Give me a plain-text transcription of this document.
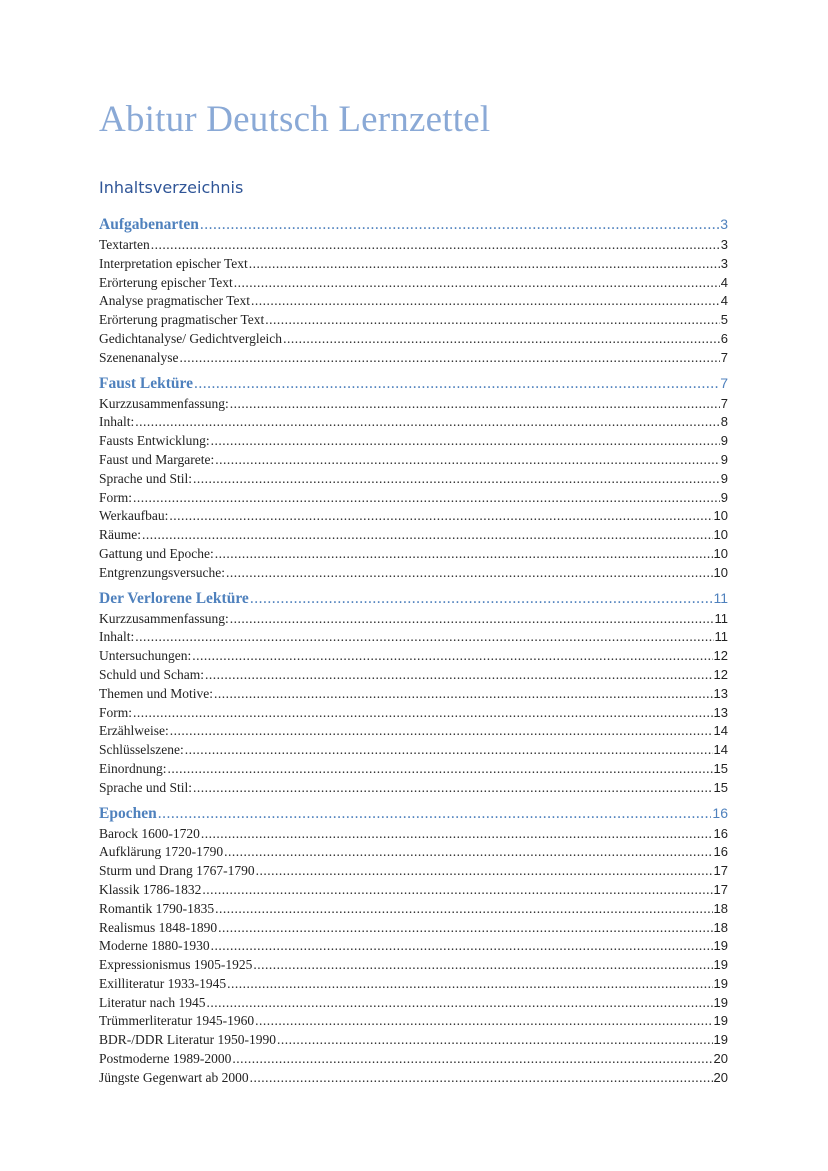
Abitur Deutsch Lernzettel
Inhaltsverzeichnis
Aufgabenarten .....	3
Textarten .....	3
Interpretation epischer Text .....	3
Erörterung epischer Text .....	4
Analyse pragmatischer Text .....	4
Erörterung pragmatischer Text .....	5
Gedichtanalyse/ Gedichtvergleich .....	6
Szenenanalyse .....	7
Faust Lektüre .....	7
Kurzzusammenfassung: .....	7
Inhalt: .....	8
Fausts Entwicklung: .....	9
Faust und Margarete: .....	9
Sprache und Stil: .....	9
Form: .....	9
Werkaufbau: .....	10
Räume: .....	10
Gattung und Epoche: .....	10
Entgrenzungsversuche: .....	10
Der Verlorene Lektüre .....	11
Kurzzusammenfassung: .....	11
Inhalt: .....	11
Untersuchungen: .....	12
Schuld und Scham: .....	12
Themen und Motive: .....	13
Form: .....	13
Erzählweise: .....	14
Schlüsselszene: .....	14
Einordnung: .....	15
Sprache und Stil: .....	15
Epochen .....	16
Barock 1600-1720 .....	16
Aufklärung 1720-1790 .....	16
Sturm und Drang 1767-1790 .....	17
Klassik 1786-1832 .....	17
Romantik 1790-1835 .....	18
Realismus 1848-1890 .....	18
Moderne 1880-1930 .....	19
Expressionismus 1905-1925 .....	19
Exilliteratur 1933-1945 .....	19
Literatur nach 1945 .....	19
Trümmerliteratur 1945-1960 .....	19
BDR-/DDR Literatur 1950-1990 .....	19
Postmoderne 1989-2000 .....	20
Jüngste Gegenwart ab 2000 .....	20
